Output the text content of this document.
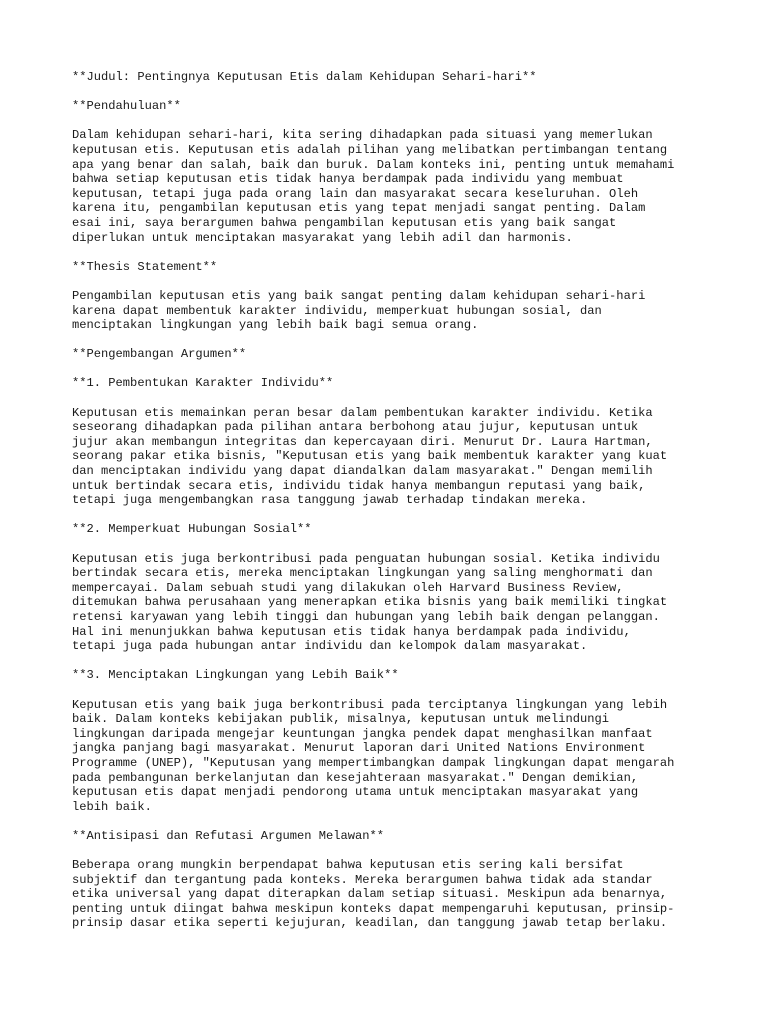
**Judul: Pentingnya Keputusan Etis dalam Kehidupan Sehari-hari**

**Pendahuluan**

Dalam kehidupan sehari-hari, kita sering dihadapkan pada situasi yang memerlukan
keputusan etis. Keputusan etis adalah pilihan yang melibatkan pertimbangan tentang
apa yang benar dan salah, baik dan buruk. Dalam konteks ini, penting untuk memahami
bahwa setiap keputusan etis tidak hanya berdampak pada individu yang membuat
keputusan, tetapi juga pada orang lain dan masyarakat secara keseluruhan. Oleh
karena itu, pengambilan keputusan etis yang tepat menjadi sangat penting. Dalam
esai ini, saya berargumen bahwa pengambilan keputusan etis yang baik sangat
diperlukan untuk menciptakan masyarakat yang lebih adil dan harmonis.

**Thesis Statement**

Pengambilan keputusan etis yang baik sangat penting dalam kehidupan sehari-hari
karena dapat membentuk karakter individu, memperkuat hubungan sosial, dan
menciptakan lingkungan yang lebih baik bagi semua orang.

**Pengembangan Argumen**

**1. Pembentukan Karakter Individu**

Keputusan etis memainkan peran besar dalam pembentukan karakter individu. Ketika
seseorang dihadapkan pada pilihan antara berbohong atau jujur, keputusan untuk
jujur akan membangun integritas dan kepercayaan diri. Menurut Dr. Laura Hartman,
seorang pakar etika bisnis, "Keputusan etis yang baik membentuk karakter yang kuat
dan menciptakan individu yang dapat diandalkan dalam masyarakat." Dengan memilih
untuk bertindak secara etis, individu tidak hanya membangun reputasi yang baik,
tetapi juga mengembangkan rasa tanggung jawab terhadap tindakan mereka.

**2. Memperkuat Hubungan Sosial**

Keputusan etis juga berkontribusi pada penguatan hubungan sosial. Ketika individu
bertindak secara etis, mereka menciptakan lingkungan yang saling menghormati dan
mempercayai. Dalam sebuah studi yang dilakukan oleh Harvard Business Review,
ditemukan bahwa perusahaan yang menerapkan etika bisnis yang baik memiliki tingkat
retensi karyawan yang lebih tinggi dan hubungan yang lebih baik dengan pelanggan.
Hal ini menunjukkan bahwa keputusan etis tidak hanya berdampak pada individu,
tetapi juga pada hubungan antar individu dan kelompok dalam masyarakat.

**3. Menciptakan Lingkungan yang Lebih Baik**

Keputusan etis yang baik juga berkontribusi pada terciptanya lingkungan yang lebih
baik. Dalam konteks kebijakan publik, misalnya, keputusan untuk melindungi
lingkungan daripada mengejar keuntungan jangka pendek dapat menghasilkan manfaat
jangka panjang bagi masyarakat. Menurut laporan dari United Nations Environment
Programme (UNEP), "Keputusan yang mempertimbangkan dampak lingkungan dapat mengarah
pada pembangunan berkelanjutan dan kesejahteraan masyarakat." Dengan demikian,
keputusan etis dapat menjadi pendorong utama untuk menciptakan masyarakat yang
lebih baik.

**Antisipasi dan Refutasi Argumen Melawan**

Beberapa orang mungkin berpendapat bahwa keputusan etis sering kali bersifat
subjektif dan tergantung pada konteks. Mereka berargumen bahwa tidak ada standar
etika universal yang dapat diterapkan dalam setiap situasi. Meskipun ada benarnya,
penting untuk diingat bahwa meskipun konteks dapat mempengaruhi keputusan, prinsip-
prinsip dasar etika seperti kejujuran, keadilan, dan tanggung jawab tetap berlaku.
